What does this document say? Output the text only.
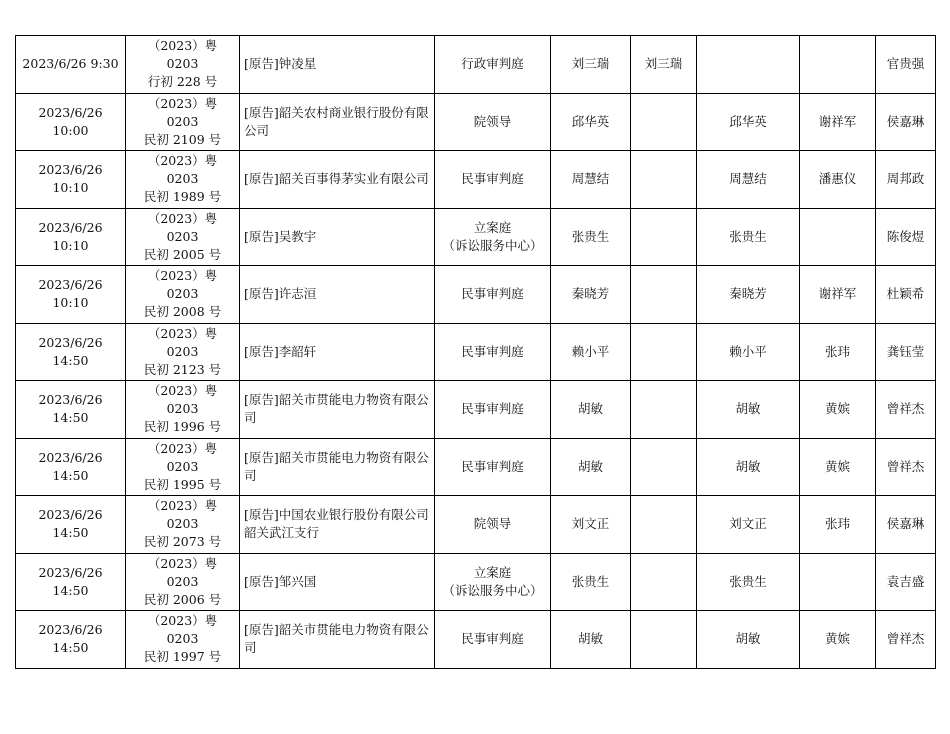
2023/6/26 9:30	（2023）粤 0203
行初 228 号	[原告]钟凌星	行政审判庭	刘三瑞	刘三瑞			官贵强

2023/6/26 10:00	（2023）粤 0203
民初 2109 号	[原告]韶关农村商业银行股份有限公司	院领导	邱华英		邱华英	谢祥军	侯嘉琳

2023/6/26 10:10	（2023）粤 0203
民初 1989 号	[原告]韶关百事得茅实业有限公司	民事审判庭	周慧结		周慧结	潘惠仪	周邦政

2023/6/26 10:10	（2023）粤 0203
民初 2005 号	[原告]吴教宇	立案庭
（诉讼服务中心）	张贵生		张贵生		陈俊煜

2023/6/26 10:10	（2023）粤 0203
民初 2008 号	[原告]许志洹	民事审判庭	秦晓芳		秦晓芳	谢祥军	杜颖希

2023/6/26 14:50	（2023）粤 0203
民初 2123 号	[原告]李韶轩	民事审判庭	赖小平		赖小平	张玮	龚钰莹

2023/6/26 14:50	（2023）粤 0203
民初 1996 号	[原告]韶关市贯能电力物资有限公司	民事审判庭	胡敏		胡敏	黄嫔	曾祥杰

2023/6/26 14:50	（2023）粤 0203
民初 1995 号	[原告]韶关市贯能电力物资有限公司	民事审判庭	胡敏		胡敏	黄嫔	曾祥杰

2023/6/26 14:50	（2023）粤 0203
民初 2073 号	[原告]中国农业银行股份有限公司韶关武江支行	院领导	刘文正		刘文正	张玮	侯嘉琳

2023/6/26 14:50	（2023）粤 0203
民初 2006 号	[原告]邹兴国	立案庭
（诉讼服务中心）	张贵生		张贵生		袁吉盛

2023/6/26 14:50	（2023）粤 0203
民初 1997 号	[原告]韶关市贯能电力物资有限公司	民事审判庭	胡敏		胡敏	黄嫔	曾祥杰
